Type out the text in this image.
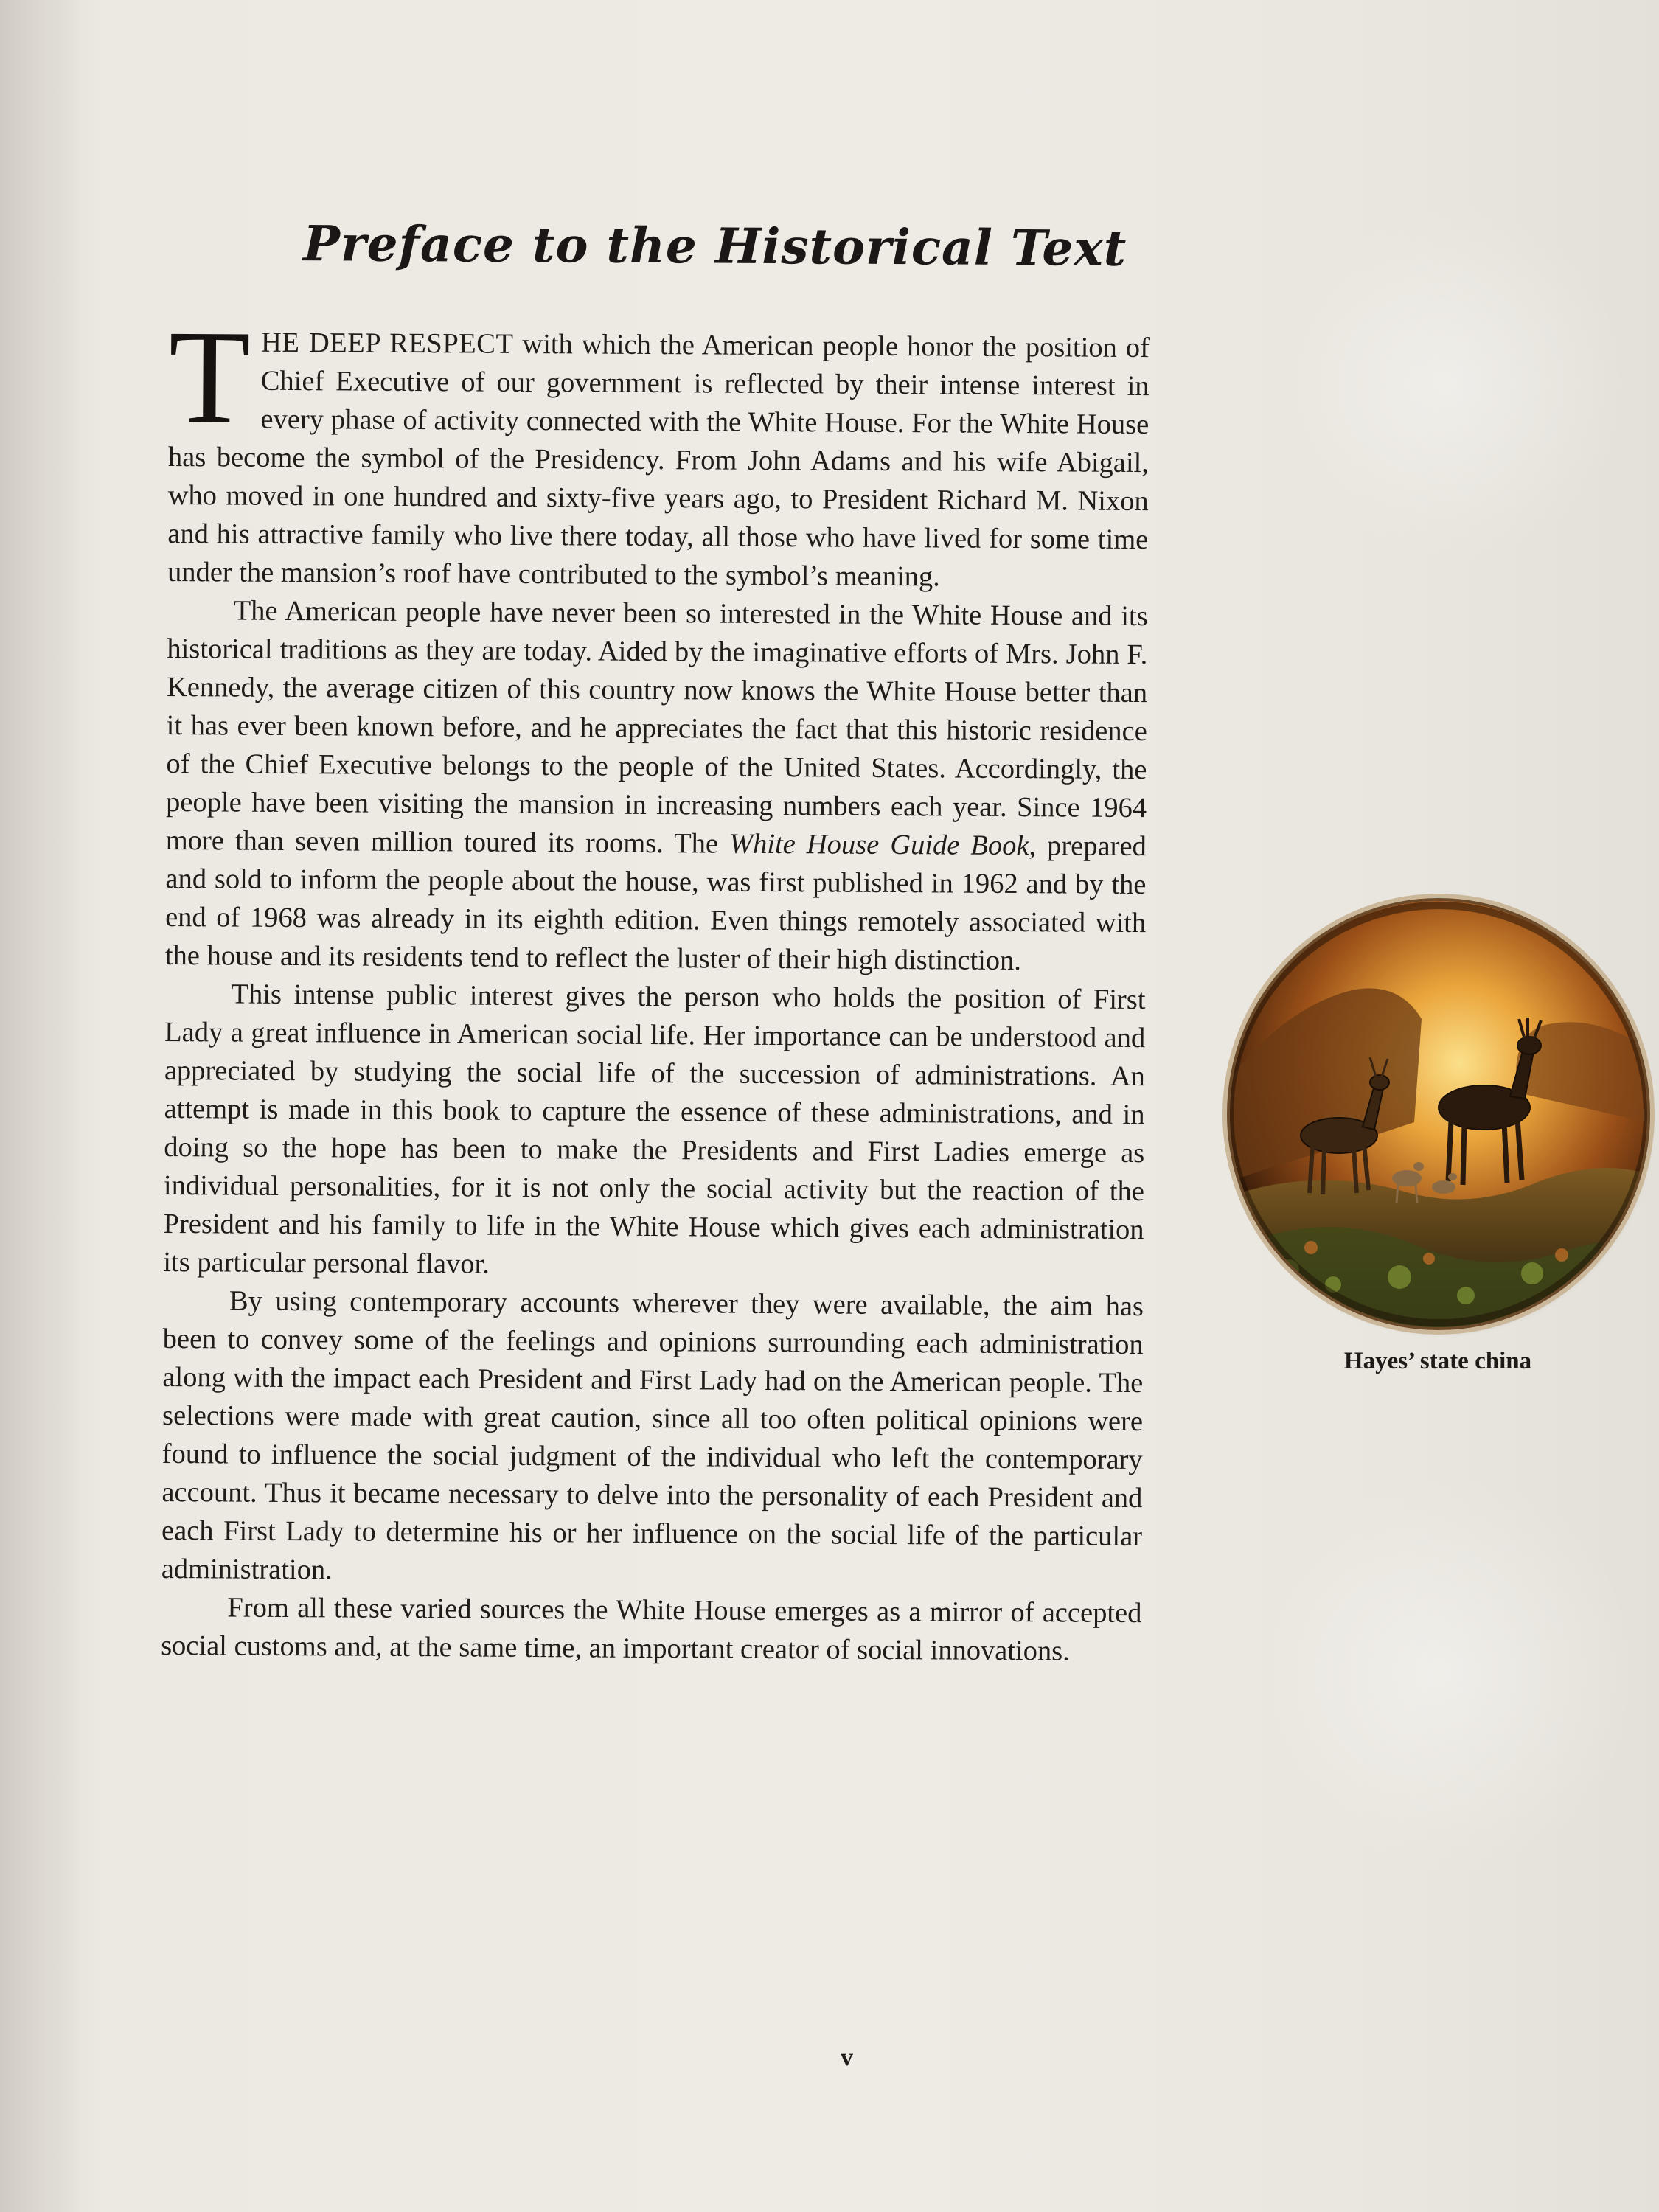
Preface to the Historical Text

THE DEEP RESPECT with which the American people honor the position of Chief Executive of our government is reflected by their intense interest in every phase of activity connected with the White House. For the White House has become the symbol of the Presidency. From John Adams and his wife Abigail, who moved in one hundred and sixty-five years ago, to President Richard M. Nixon and his attractive family who live there today, all those who have lived for some time under the mansion’s roof have contributed to the symbol’s meaning.

The American people have never been so interested in the White House and its historical traditions as they are today. Aided by the imaginative efforts of Mrs. John F. Kennedy, the average citizen of this country now knows the White House better than it has ever been known before, and he appreciates the fact that this historic residence of the Chief Executive belongs to the people of the United States. Accordingly, the people have been visiting the mansion in increasing numbers each year. Since 1964 more than seven million toured its rooms. The White House Guide Book, prepared and sold to inform the people about the house, was first published in 1962 and by the end of 1968 was already in its eighth edition. Even things remotely associated with the house and its residents tend to reflect the luster of their high distinction.

This intense public interest gives the person who holds the position of First Lady a great influence in American social life. Her importance can be understood and appreciated by studying the social life of the succession of administrations. An attempt is made in this book to capture the essence of these administrations, and in doing so the hope has been to make the Presidents and First Ladies emerge as individual personalities, for it is not only the social activity but the reaction of the President and his family to life in the White House which gives each administration its particular personal flavor.

By using contemporary accounts wherever they were available, the aim has been to convey some of the feelings and opinions surrounding each administration along with the impact each President and First Lady had on the American people. The selections were made with great caution, since all too often political opinions were found to influence the social judgment of the individual who left the contemporary account. Thus it became necessary to delve into the personality of each President and each First Lady to determine his or her influence on the social life of the particular administration.

From all these varied sources the White House emerges as a mirror of accepted social customs and, at the same time, an important creator of social innovations.

Hayes’ state china
v
